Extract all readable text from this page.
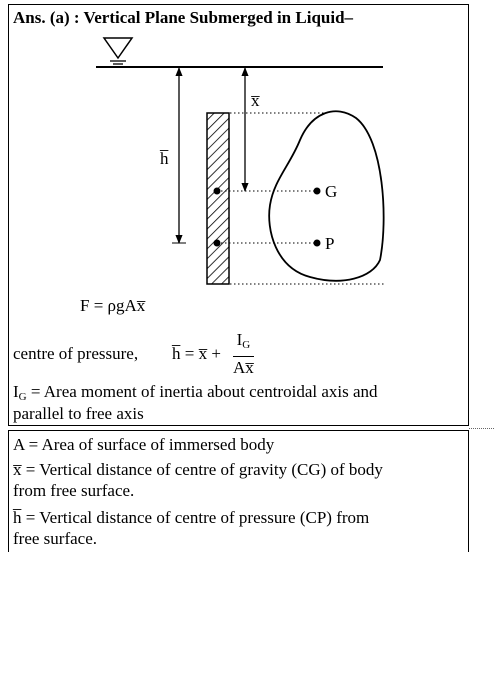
Ans. (a) : Vertical Plane Submerged in Liquid–
h̅
x̅
G
P
F = ρgAx̅
centre of pressure, h̅ = x̅ + $\frac{I_G}{Ax̅}$
$I_G$ = Area moment of inertia about centroidal axis and
parallel to free axis
A = Area of surface of immersed body
x̅ = Vertical distance of centre of gravity (CG) of body
from free surface.
h̅ = Vertical distance of centre of pressure (CP) from
free surface.
